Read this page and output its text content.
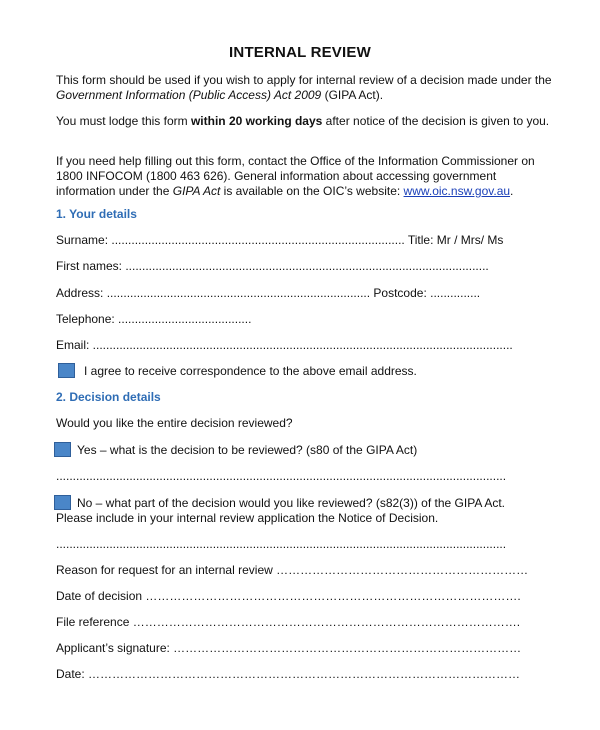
INTERNAL REVIEW
This form should be used if you wish to apply for internal review of a decision made under the Government Information (Public Access) Act 2009 (GIPA Act).
You must lodge this form within 20 working days after notice of the decision is given to you.
If you need help filling out this form, contact the Office of the Information Commissioner on 1800 INFOCOM (1800 463 626). General information about accessing government information under the GIPA Act is available on the OIC’s website: www.oic.nsw.gov.au.
1. Your details
Surname: ........................................................................................ Title: Mr / Mrs/ Ms
First names: .............................................................................................................
Address: ............................................................................... Postcode: ...............
Telephone: ........................................
Email: ..............................................................................................................................
I agree to receive correspondence to the above email address.
2. Decision details
Would you like the entire decision reviewed?
Yes – what is the decision to be reviewed? (s80 of the GIPA Act)
.......................................................................................................................................
No – what part of the decision would you like reviewed? (s82(3)) of the GIPA Act.
Please include in your internal review application the Notice of Decision.
.......................................................................................................................................
Reason for request for an internal review ………………………………………………………
Date of decision ………………………………………………………………………………….
File reference …………………………………………………………………………………….
Applicant’s signature: ……………………………………………………………………………
Date: ………………………………………………………………………………………………
